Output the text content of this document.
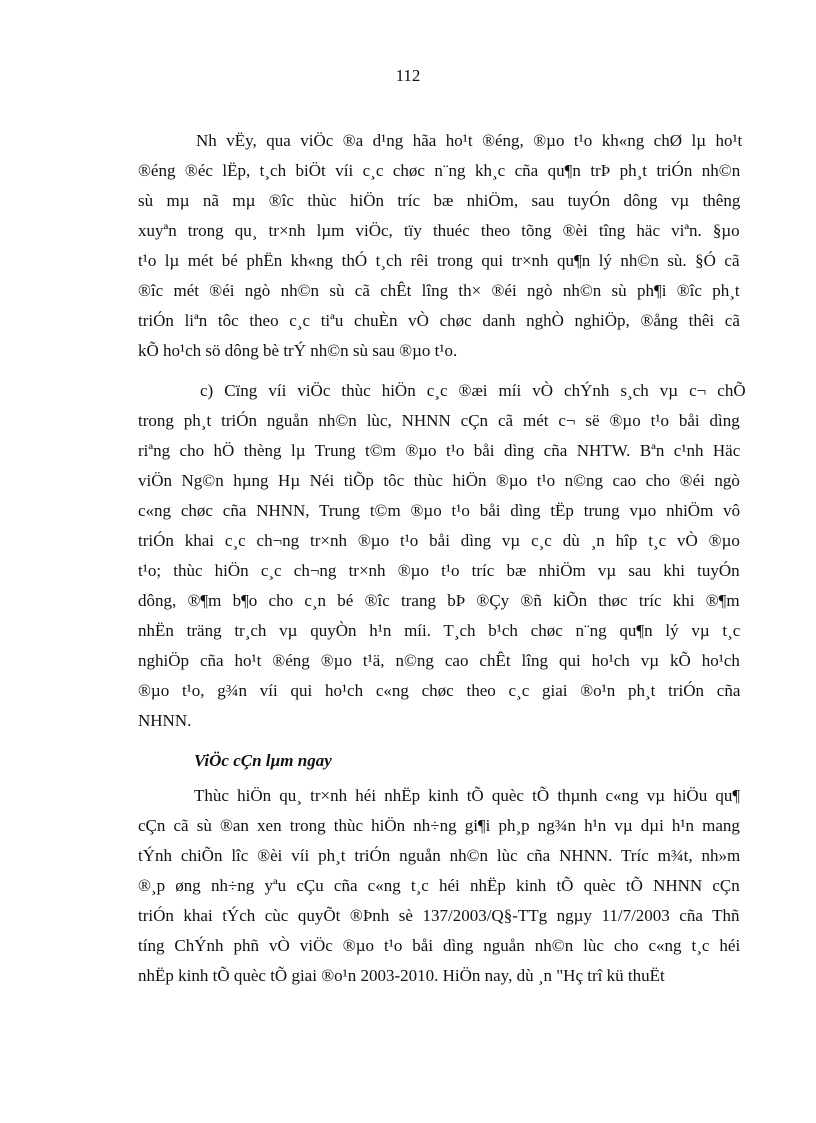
112
Nh vËy, qua viÖc ®a d¹ng hãa ho¹t ®éng, ®µo t¹o kh«ng chØ lµ ho¹t
®éng ®éc lËp, t¸ch biÖt víi c¸c chøc n¨ng kh¸c cña qu¶n trÞ ph¸t triÓn nh©n
sù mµ nã mµ ®îc thùc hiÖn tríc bæ nhiÖm, sau tuyÓn dông vµ thêng
xuyªn trong qu¸ tr×nh lµm viÖc, tïy thuéc theo tõng ®èi tîng häc viªn. §µo
t¹o lµ mét bé phËn kh«ng thÓ t¸ch rêi trong qui tr×nh qu¶n lý nh©n sù. §Ó cã
®îc mét ®éi ngò nh©n sù cã chÊt lîng th× ®éi ngò nh©n sù ph¶i ®îc ph¸t
triÓn liªn tôc theo c¸c tiªu chuÈn vÒ chøc danh nghÒ nghiÖp, ®ång thêi cã
kÕ ho¹ch sö dông bè trÝ nh©n sù sau ®µo t¹o.
c) Cïng víi viÖc thùc hiÖn c¸c ®æi míi vÒ chÝnh s¸ch vµ c¬ chÕ
trong ph¸t triÓn nguån nh©n lùc, NHNN cÇn cã mét c¬ së ®µo t¹o båi dìng
riªng cho hÖ thèng lµ Trung t©m ®µo t¹o båi dìng cña NHTW. Bªn c¹nh Häc
viÖn Ng©n hµng Hµ Néi tiÕp tôc thùc hiÖn ®µo t¹o n©ng cao cho ®éi ngò
c«ng chøc cña NHNN, Trung t©m ®µo t¹o båi dìng tËp trung vµo nhiÖm vô
triÓn khai c¸c ch¬ng tr×nh ®µo t¹o båi dìng vµ c¸c dù ¸n hîp t¸c vÒ ®µo
t¹o; thùc hiÖn c¸c ch¬ng tr×nh ®µo t¹o tríc bæ nhiÖm vµ sau khi tuyÓn
dông, ®¶m b¶o cho c¸n bé ®îc trang bÞ ®Çy ®ñ kiÕn thøc tríc khi ®¶m
nhËn träng tr¸ch vµ quyÒn h¹n míi. T¸ch b¹ch chøc n¨ng qu¶n lý vµ t¸c
nghiÖp cña ho¹t ®éng ®µo t¹ä, n©ng cao chÊt lîng qui ho¹ch vµ kÕ ho¹ch
®µo t¹o, g¾n víi qui ho¹ch c«ng chøc theo c¸c giai ®o¹n ph¸t triÓn cña
NHNN.
ViÖc cÇn lµm ngay
Thùc hiÖn qu¸ tr×nh héi nhËp kinh tÕ quèc tÕ thµnh c«ng vµ hiÖu qu¶
cÇn cã sù ®an xen trong thùc hiÖn nh÷ng gi¶i ph¸p ng¾n h¹n vµ dµi h¹n mang
tÝnh chiÕn lîc ®èi víi ph¸t triÓn nguån nh©n lùc cña NHNN. Tríc m¾t, nh»m
®¸p øng nh÷ng yªu cÇu cña c«ng t¸c héi nhËp kinh tÕ quèc tÕ NHNN cÇn
triÓn khai tÝch cùc quyÕt ®Þnh sè 137/2003/Q§-TTg ngµy 11/7/2003 cña Thñ
tíng ChÝnh phñ vÒ viÖc ®µo t¹o båi dìng nguån nh©n lùc cho c«ng t¸c héi
nhËp kinh tÕ quèc tÕ giai ®o¹n 2003-2010. HiÖn nay, dù ¸n "Hç trî kü thuËt
